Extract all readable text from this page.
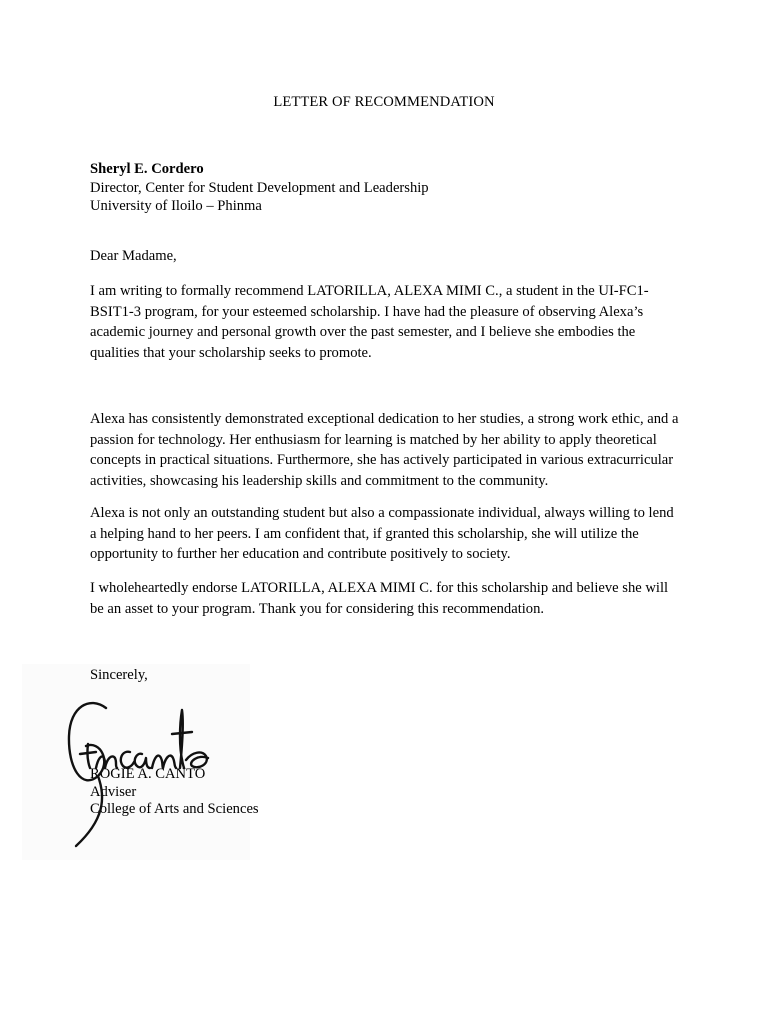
LETTER OF RECOMMENDATION
Sheryl E. Cordero
Director, Center for Student Development and Leadership
University of Iloilo – Phinma
Dear Madame,

I am writing to formally recommend LATORILLA, ALEXA MIMI C., a student in the UI-FC1-BSIT1-3 program, for your esteemed scholarship. I have had the pleasure of observing Alexa’s academic journey and personal growth over the past semester, and I believe she embodies the qualities that your scholarship seeks to promote.

Alexa has consistently demonstrated exceptional dedication to her studies, a strong work ethic, and a passion for technology. Her enthusiasm for learning is matched by her ability to apply theoretical concepts in practical situations. Furthermore, she has actively participated in various extracurricular activities, showcasing his leadership skills and commitment to the community.

Alexa is not only an outstanding student but also a compassionate individual, always willing to lend a helping hand to her peers. I am confident that, if granted this scholarship, she will utilize the opportunity to further her education and contribute positively to society.

I wholeheartedly endorse LATORILLA, ALEXA MIMI C. for this scholarship and believe she will be an asset to your program. Thank you for considering this recommendation.

Sincerely,
ROGIE A. CANTO
Adviser
College of Arts and Sciences
